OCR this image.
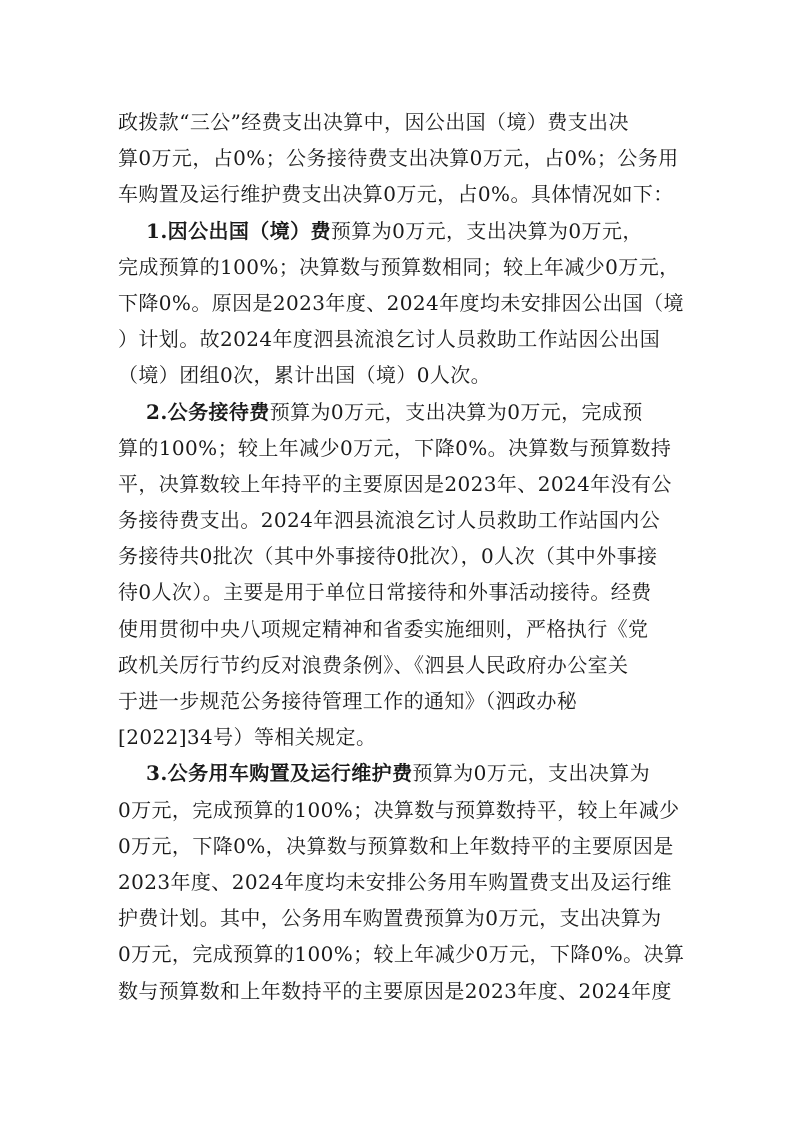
政拨款“三公”经费支出决算中，因公出国（境）费支出决
算0万元，占0%；公务接待费支出决算0万元，占0%；公务用
车购置及运行维护费支出决算0万元，占0%。具体情况如下：
1.因公出国（境）费预算为0万元，支出决算为0万元，
完成预算的100%；决算数与预算数相同；较上年减少0万元，
下降0%。原因是2023年度、2024年度均未安排因公出国（境
）计划。故2024年度泗县流浪乞讨人员救助工作站因公出国
（境）团组0次，累计出国（境）0人次。
2.公务接待费预算为0万元，支出决算为0万元，完成预
算的100%；较上年减少0万元，下降0%。决算数与预算数持
平，决算数较上年持平的主要原因是2023年、2024年没有公
务接待费支出。2024年泗县流浪乞讨人员救助工作站国内公
务接待共0批次（其中外事接待0批次），0人次（其中外事接
待0人次）。主要是用于单位日常接待和外事活动接待。经费
使用贯彻中央八项规定精神和省委实施细则，严格执行《党
政机关厉行节约反对浪费条例》、《泗县人民政府办公室关
于进一步规范公务接待管理工作的通知》（泗政办秘
[2022]34号）等相关规定。
3.公务用车购置及运行维护费预算为0万元，支出决算为
0万元，完成预算的100%；决算数与预算数持平，较上年减少
0万元，下降0%，决算数与预算数和上年数持平的主要原因是
2023年度、2024年度均未安排公务用车购置费支出及运行维
护费计划。其中，公务用车购置费预算为0万元，支出决算为
0万元，完成预算的100%；较上年减少0万元，下降0%。决算
数与预算数和上年数持平的主要原因是2023年度、2024年度
